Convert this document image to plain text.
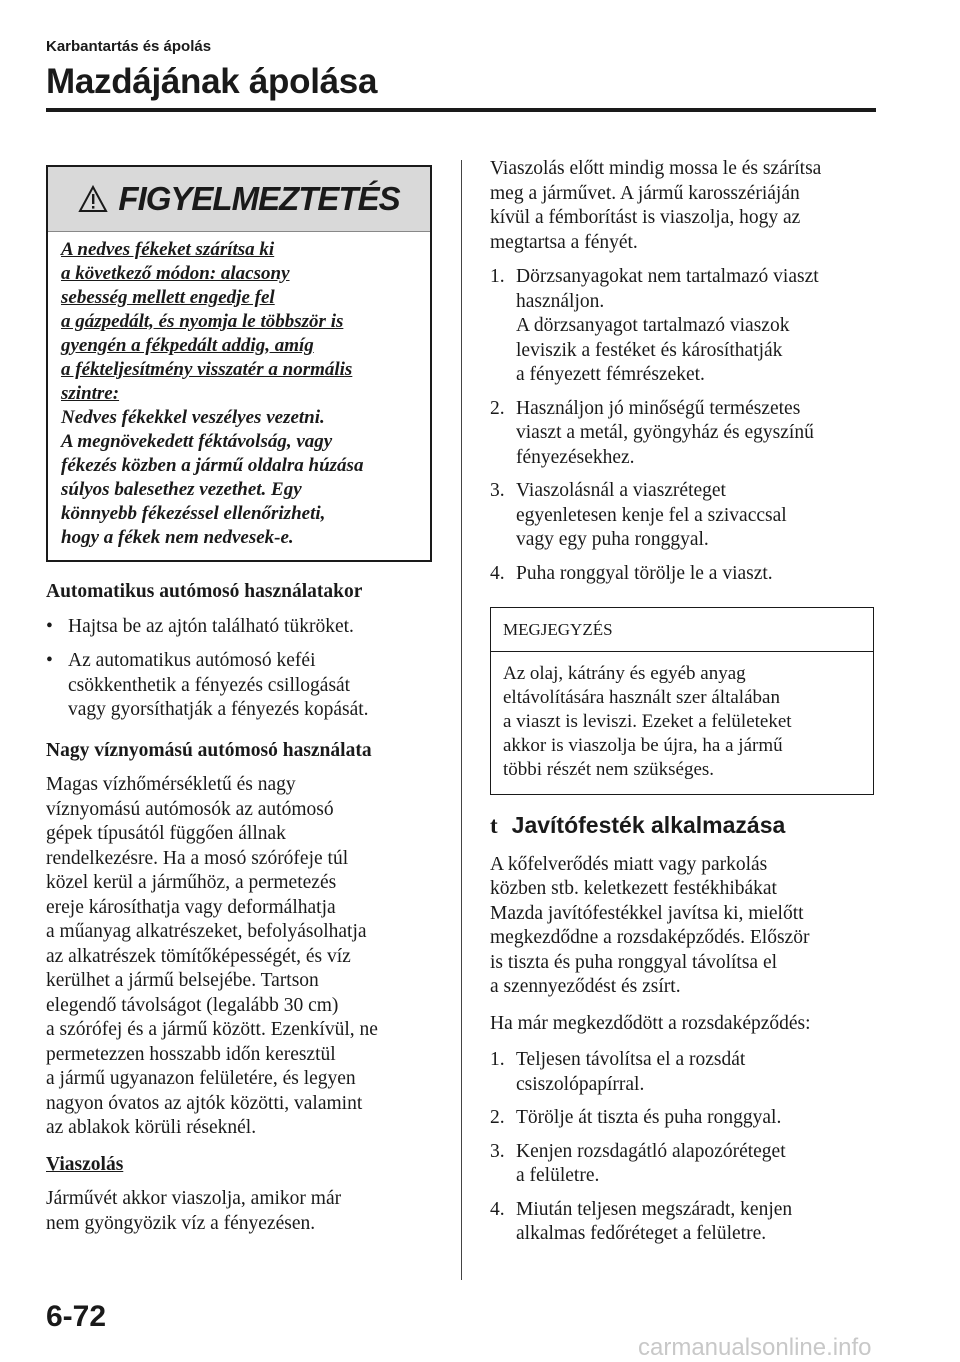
Karbantartás és ápolás
Mazdájának ápolása
FIGYELMEZTETÉS
A nedves fékeket szárítsa ki
a következő módon: alacsony
sebesség mellett engedje fel
a gázpedált, és nyomja le többször is
gyengén a fékpedált addig, amíg
a fékteljesítmény visszatér a normális
szintre:
Nedves fékekkel veszélyes vezetni.
A megnövekedett féktávolság, vagy
fékezés közben a jármű oldalra húzása
súlyos balesethez vezethet. Egy
könnyebb fékezéssel ellenőrizheti,
hogy a fékek nem nedvesek-e.
Automatikus autómosó használatakor
• Hajtsa be az ajtón található tükröket.
• Az automatikus autómosó keféi
csökkenthetik a fényezés csillogását
vagy gyorsíthatják a fényezés kopását.
Nagy víznyomású autómosó használata
Magas vízhőmérsékletű és nagy
víznyomású autómosók az autómosó
gépek típusától függően állnak
rendelkezésre. Ha a mosó szórófeje túl
közel kerül a járműhöz, a permetezés
ereje károsíthatja vagy deformálhatja
a műanyag alkatrészeket, befolyásolhatja
az alkatrészek tömítőképességét, és víz
kerülhet a jármű belsejébe. Tartson
elegendő távolságot (legalább 30 cm)
a szórófej és a jármű között. Ezenkívül, ne
permetezzen hosszabb időn keresztül
a jármű ugyanazon felületére, és legyen
nagyon óvatos az ajtók közötti, valamint
az ablakok körüli réseknél.
Viaszolás
Járművét akkor viaszolja, amikor már
nem gyöngyözik víz a fényezésen.
Viaszolás előtt mindig mossa le és szárítsa
meg a járművet. A jármű karosszériáján
kívül a fémborítást is viaszolja, hogy az
megtartsa a fényét.
1. Dörzsanyagokat nem tartalmazó viaszt
használjon.
A dörzsanyagot tartalmazó viaszok
leviszik a festéket és károsíthatják
a fényezett fémrészeket.
2. Használjon jó minőségű természetes
viaszt a metál, gyöngyház és egyszínű
fényezésekhez.
3. Viaszolásnál a viaszréteget
egyenletesen kenje fel a szivaccsal
vagy egy puha ronggyal.
4. Puha ronggyal törölje le a viaszt.
MEGJEGYZÉS
Az olaj, kátrány és egyéb anyag
eltávolítására használt szer általában
a viaszt is leviszi. Ezeket a felületeket
akkor is viaszolja be újra, ha a jármű
többi részét nem szükséges.
t Javítófesték alkalmazása
A kőfelverődés miatt vagy parkolás
közben stb. keletkezett festékhibákat
Mazda javítófestékkel javítsa ki, mielőtt
megkezdődne a rozsdaképződés. Először
is tiszta és puha ronggyal távolítsa el
a szennyeződést és zsírt.

Ha már megkezdődött a rozsdaképződés:

1. Teljesen távolítsa el a rozsdát
csiszolópapírral.
2. Törölje át tiszta és puha ronggyal.
3. Kenjen rozsdagátló alapozóréteget
a felületre.
4. Miután teljesen megszáradt, kenjen
alkalmas fedőréteget a felületre.
6-72
carmanualsonline.info
